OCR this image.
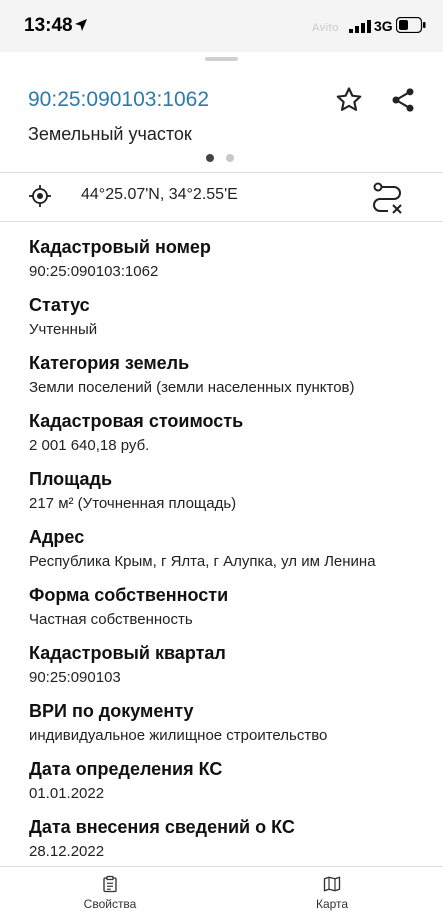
13:48	Avito	3G
90:25:090103:1062
Земельный участок
44°25.07'N, 34°2.55'E
Кадастровый номер
90:25:090103:1062
Статус
Учтенный
Категория земель
Земли поселений (земли населенных пунктов)
Кадастровая стоимость
2 001 640,18 руб.
Площадь
217 м² (Уточненная площадь)
Адрес
Республика Крым, г Ялта, г Алупка, ул им Ленина
Форма собственности
Частная собственность
Кадастровый квартал
90:25:090103
ВРИ по документу
индивидуальное жилищное строительство
Дата определения КС
01.01.2022
Дата внесения сведений о КС
28.12.2022
Свойства	Карта
